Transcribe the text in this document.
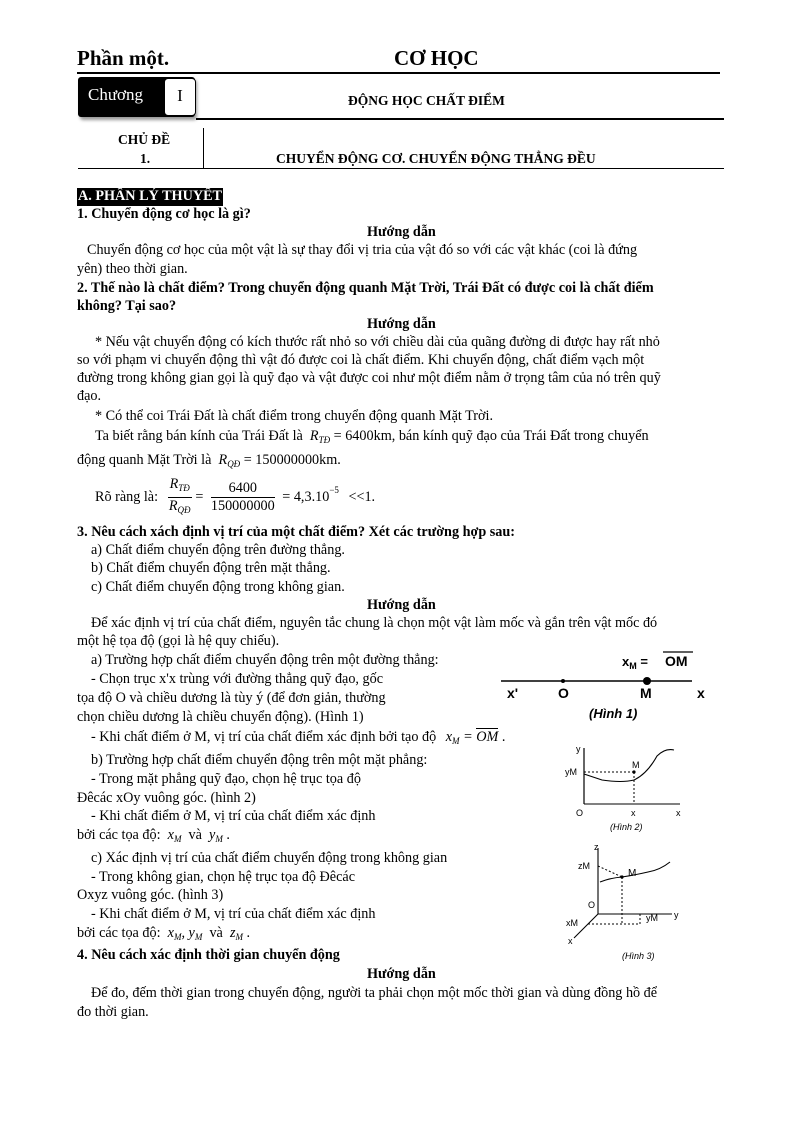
Phần một.	CƠ HỌC
Chương	I	ĐỘNG HỌC CHẤT ĐIỂM
CHỦ ĐỀ
1.	CHUYỂN ĐỘNG CƠ. CHUYỂN ĐỘNG THẲNG ĐỀU
A. PHẦN LÝ THUYẾT
1. Chuyển động cơ học là gì?
Hướng dẫn
Chuyển động cơ học của một vật là sự thay đổi vị tria của vật đó so với các vật khác (coi là đứng
yên) theo thời gian.
2. Thế nào là chất điểm? Trong chuyển động quanh Mặt Trời, Trái Đất có được coi là chất điểm
không? Tại sao?
Hướng dẫn
* Nếu vật chuyển động có kích thước rất nhỏ so với chiều dài của quãng đường di được hay rất nhỏ
so với phạm vi chuyển động thì vật đó được coi là chất điểm. Khi chuyển động, chất điểm vạch một
đường trong không gian gọi là quỹ đạo và vật được coi như một điểm nằm ở trọng tâm của nó trên quỹ
đạo.
* Có thể coi Trái Đất là chất điểm trong chuyển động quanh Mặt Trời.
Ta biết rằng bán kính của Trái Đất là  $R_{TĐ} = 6400km$, bán kính quỹ đạo của Trái Đất trong chuyển
động quanh Mặt Trời là  $R_{QĐ} = 150000000km$.
Rõ ràng là: $\frac{R_{TĐ}}{R_{QĐ}} = \frac{6400}{150000000} = 4,3.10^{-5} <<1$.
3. Nêu cách xách định vị trí của một chất điểm? Xét các trường hợp sau:
a) Chất điểm chuyển động trên đường thẳng.
b) Chất điểm chuyển động trên mặt thẳng.
c) Chất điểm chuyển động trong không gian.
Hướng dẫn
Để xác định vị trí của chất điểm, nguyên tắc chung là chọn một vật làm mốc và gắn trên vật mốc đó
một hệ tọa độ (gọi là hệ quy chiếu).
a) Trường hợp chất điểm chuyển động trên một đường thẳng:
- Chọn trục x'x trùng với đường thẳng quỹ đạo, gốc
tọa độ O và chiều dương là tùy ý (để đơn giản, thường
chọn chiều dương là chiều chuyển động). (Hình 1)
- Khi chất điểm ở M, vị trí của chất điểm xác định bởi tạo độ $x_M$ = OM .
b) Trường hợp chất điểm chuyển động trên một mặt phẳng:
- Trong mặt phẳng quỹ đạo, chọn hệ trục tọa độ
Đêcác xOy vuông góc. (hình 2)
- Khi chất điểm ở M, vị trí của chất điểm xác định
bởi các tọa độ:  $x_M$ và  $y_M$ .
c) Xác định vị trí của chất điểm chuyển động trong không gian
- Trong không gian, chọn hệ trục tọa độ Đêcác
Oxyz vuông góc. (hình 3)
- Khi chất điểm ở M, vị trí của chất điểm xác định
bởi các tọa độ:  $x_M$, $y_M$ và  $z_M$ .
4. Nêu cách xác định thời gian chuyển động
Hướng dẫn
Để đo, đếm thời gian trong chuyển động, người ta phải chọn một mốc thời gian và dùng đồng hồ để
đo thời gian.
$x_M$ = OM
x'	O	M	x
(Hình 1)
y
yM
M
O	x	x
(Hình 2)
z
zM
M
O
xM	yM y
x
(Hình 3)
